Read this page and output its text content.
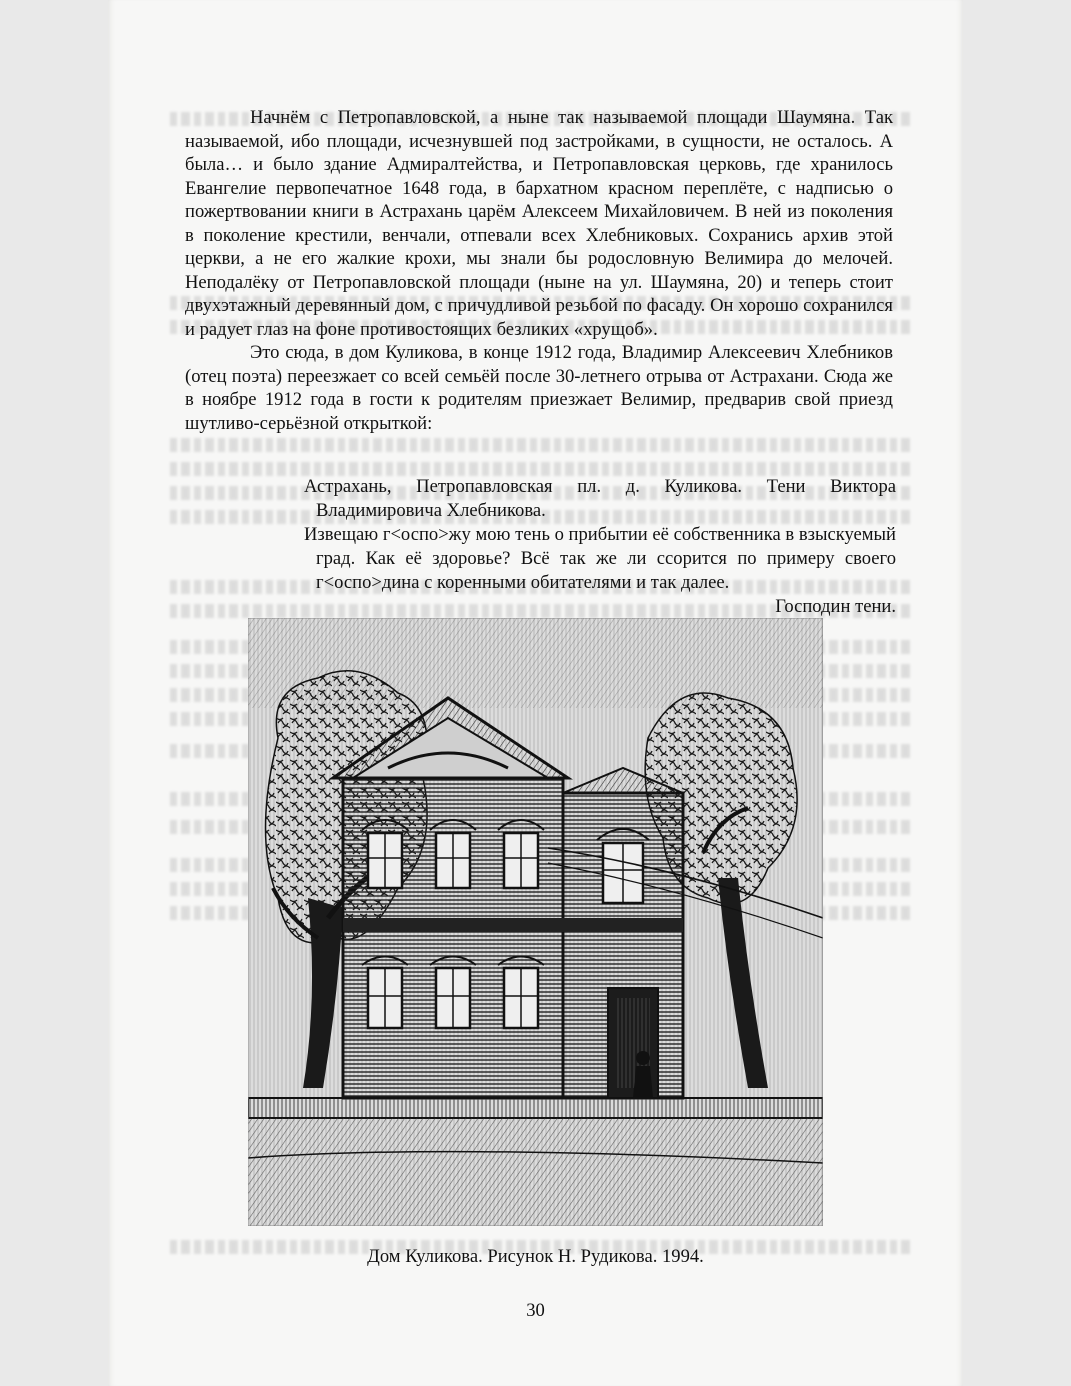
Начнём с Петропавловской, а ныне так называемой площади Шаумяна. Так называемой, ибо площади, исчезнувшей под застройками, в сущности, не осталось. А была… и было здание Адмиралтейства, и Петропавловская церковь, где хранилось Евангелие первопечатное 1648 года, в бархатном красном переплёте, с надписью о пожертвовании книги в Астрахань царём Алексеем Михайловичем. В ней из поколения в поколение крестили, венчали, отпевали всех Хлебниковых. Сохранись архив этой церкви, а не его жалкие крохи, мы знали бы родословную Велимира до мелочей. Неподалёку от Петропавловской площади (ныне на ул. Шаумяна, 20) и теперь стоит двухэтажный деревянный дом, с причудливой резьбой по фасаду. Он хорошо сохранился и радует глаз на фоне противостоящих безликих «хрущоб».

Это сюда, в дом Куликова, в конце 1912 года, Владимир Алексеевич Хлебников (отец поэта) переезжает со всей семьёй после 30-летнего отрыва от Астрахани. Сюда же в ноябре 1912 года в гости к родителям приезжает Велимир, предварив свой приезд шутливо-серьёзной открыткой:

Астрахань, Петропавловская пл. д. Куликова. Тени Виктора Владимировича Хлебникова.

Извещаю г<оспо>жу мою тень о прибытии её собственника в взыскуемый град. Как её здоровье? Всё так же ли ссорится по примеру своего г<оспо>дина с коренными обитателями и так далее.

Господин тени.

Дом Куликова. Рисунок Н. Рудикова. 1994.
30
